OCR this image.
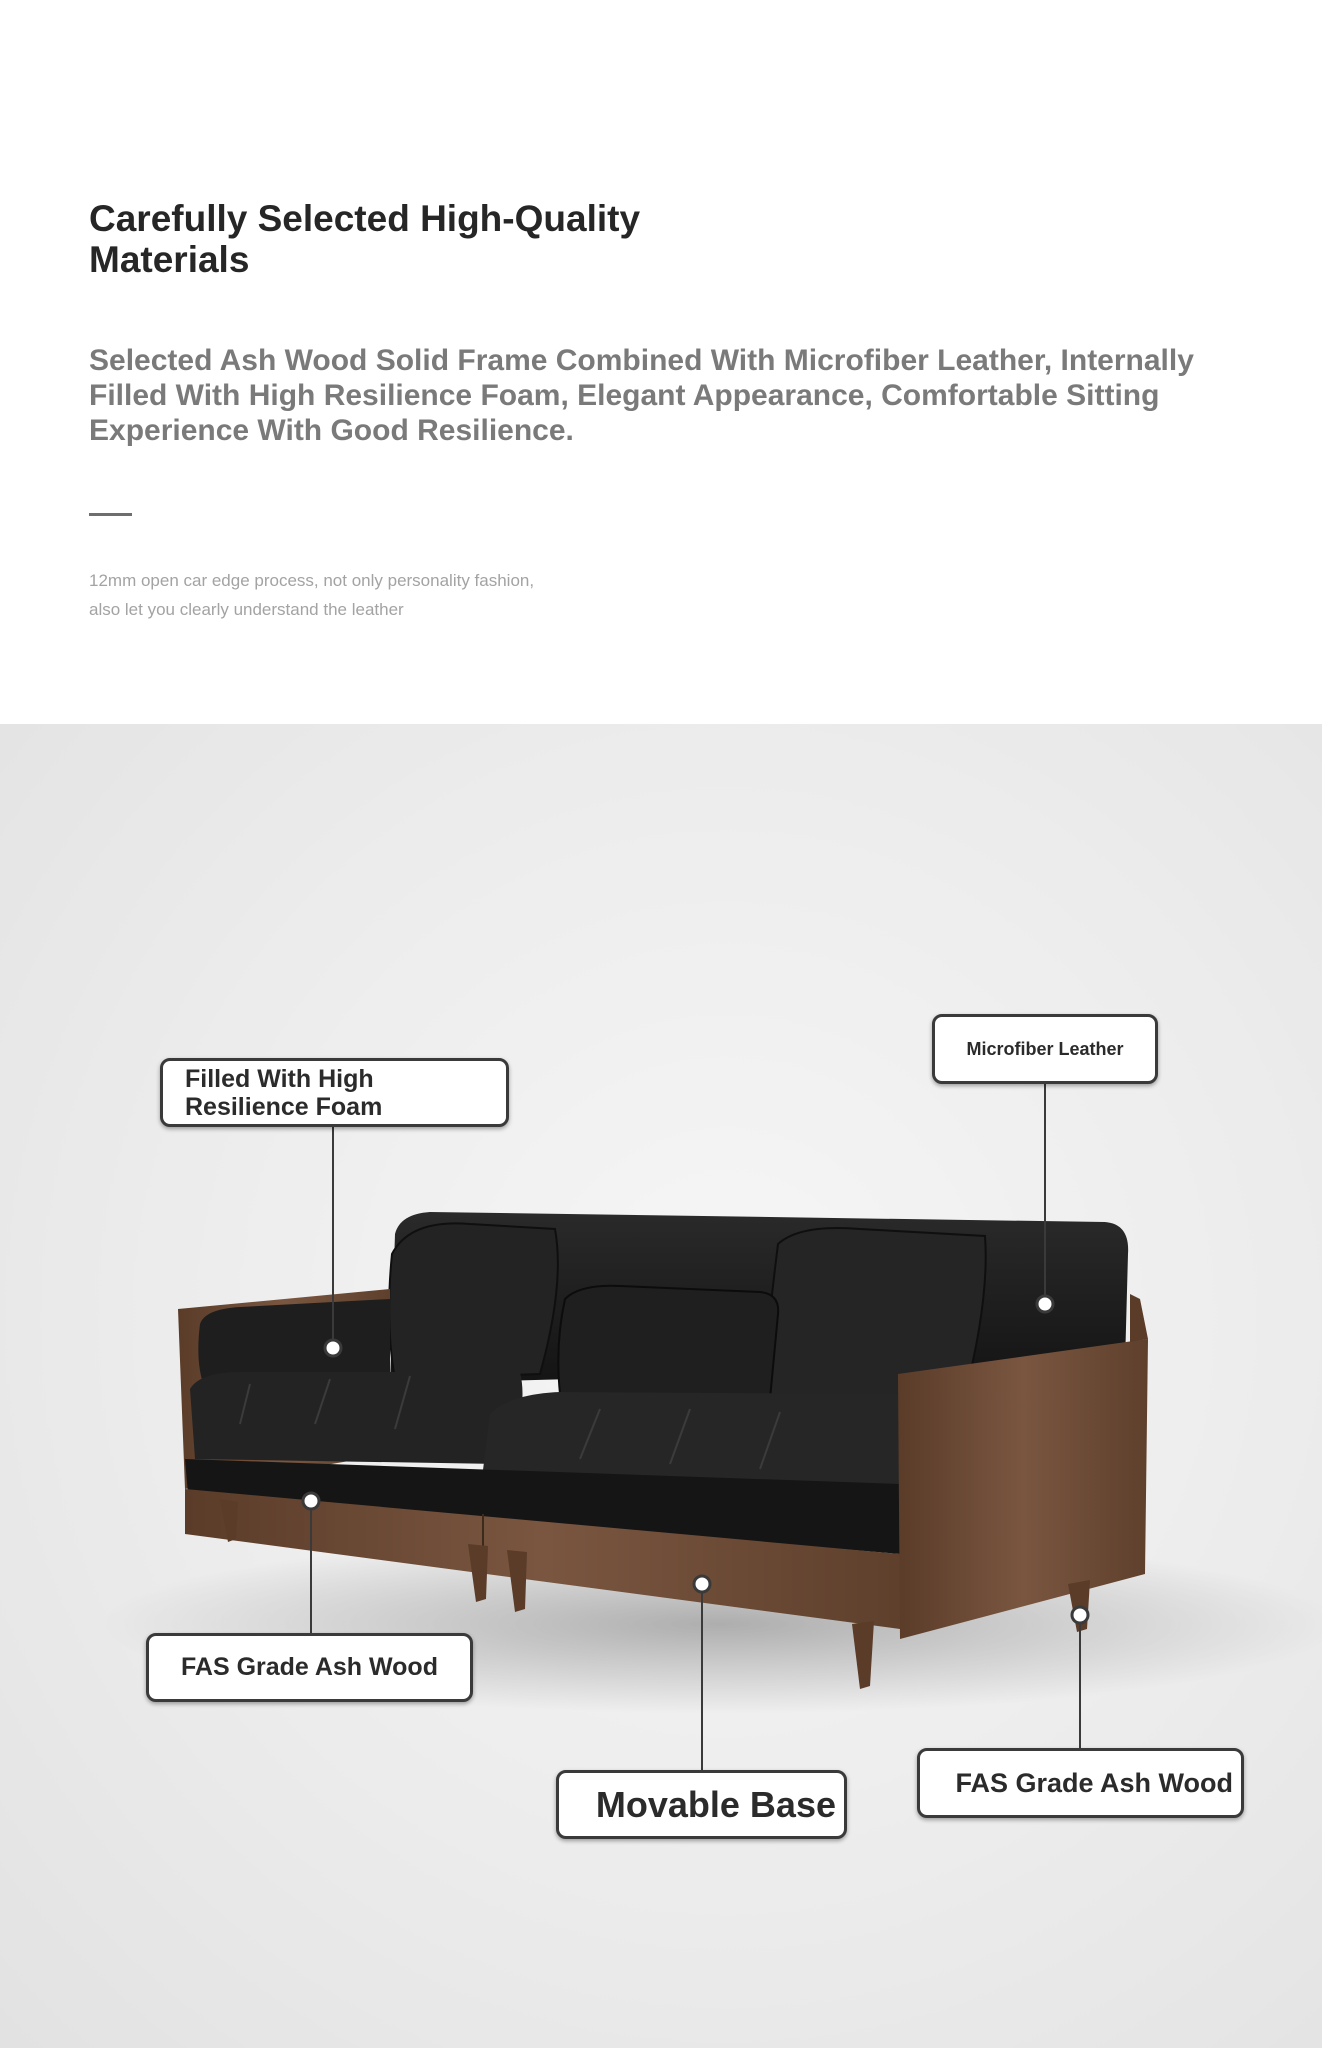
Carefully Selected High-Quality Materials

Selected Ash Wood Solid Frame Combined With Microfiber Leather, Internally Filled With High Resilience Foam, Elegant Appearance, Comfortable Sitting Experience With Good Resilience.

12mm open car edge process, not only personality fashion,
also let you clearly understand the leather

Filled With High
Resilience Foam
Microfiber Leather
FAS Grade Ash Wood
Movable Base
FAS Grade Ash Wood
